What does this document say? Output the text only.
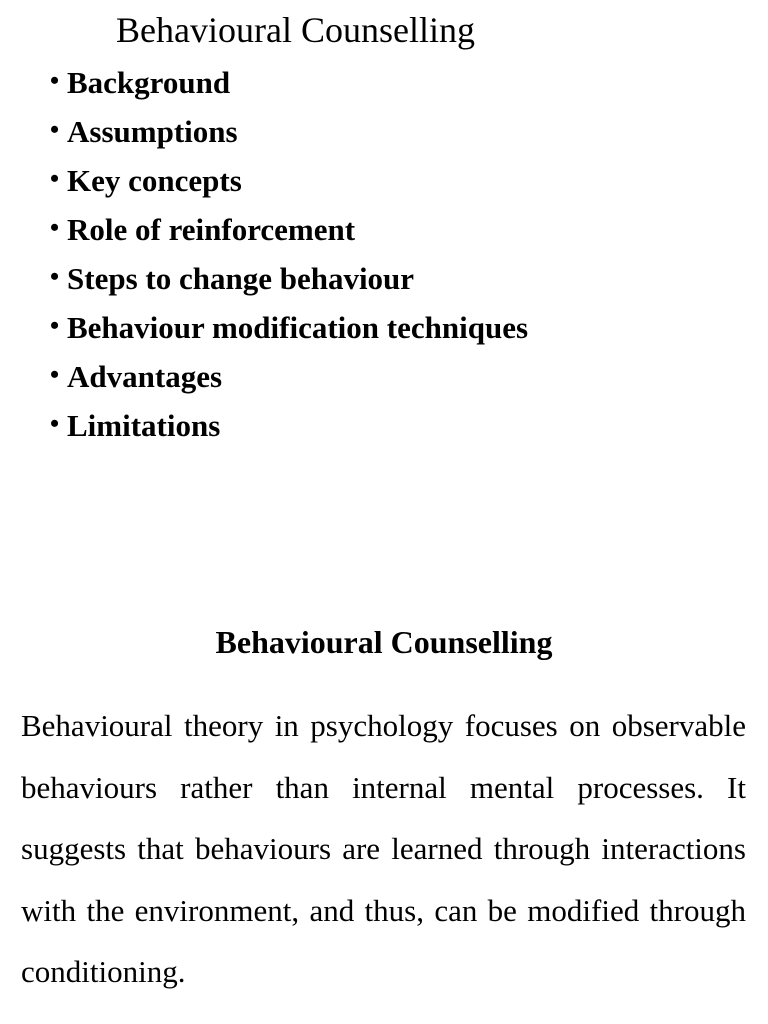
Behavioural Counselling
• Background
• Assumptions
• Key concepts
• Role of reinforcement
• Steps to change behaviour
• Behaviour modification techniques
• Advantages
• Limitations
Behavioural Counselling

Behavioural theory in psychology focuses on observable behaviours rather than internal mental processes. It suggests that behaviours are learned through interactions with the environment, and thus, can be modified through conditioning.
